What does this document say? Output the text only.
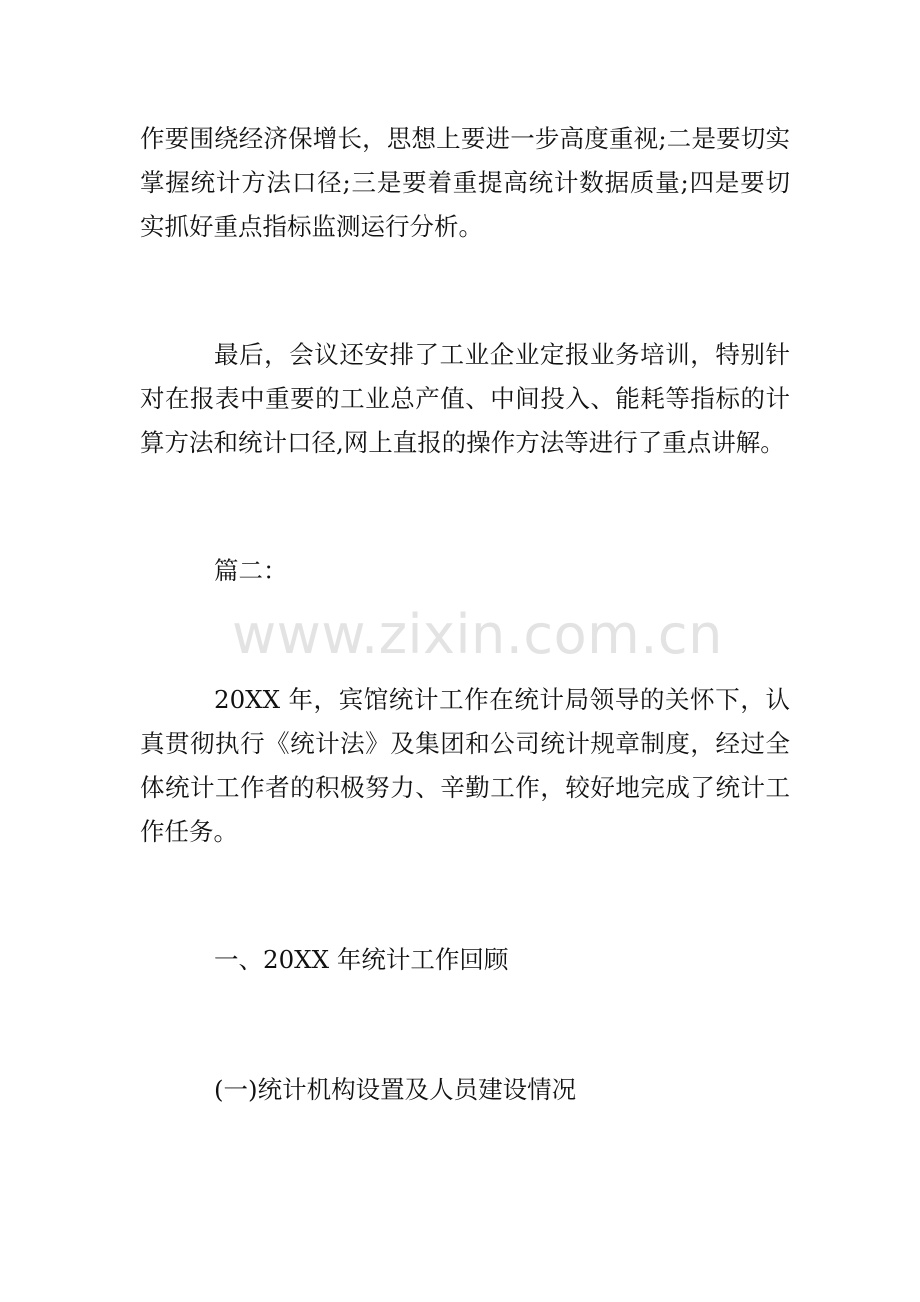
作要围绕经济保增长，思想上要进一步高度重视;二是要切实掌握统计方法口径;三是要着重提高统计数据质量;四是要切实抓好重点指标监测运行分析。

最后，会议还安排了工业企业定报业务培训，特别针对在报表中重要的工业总产值、中间投入、能耗等指标的计算方法和统计口径,网上直报的操作方法等进行了重点讲解。

篇二：

www.zixin.com.cn

20XX 年，宾馆统计工作在统计局领导的关怀下，认真贯彻执行《统计法》及集团和公司统计规章制度，经过全体统计工作者的积极努力、辛勤工作，较好地完成了统计工作任务。

一、20XX 年统计工作回顾

(一)统计机构设置及人员建设情况
